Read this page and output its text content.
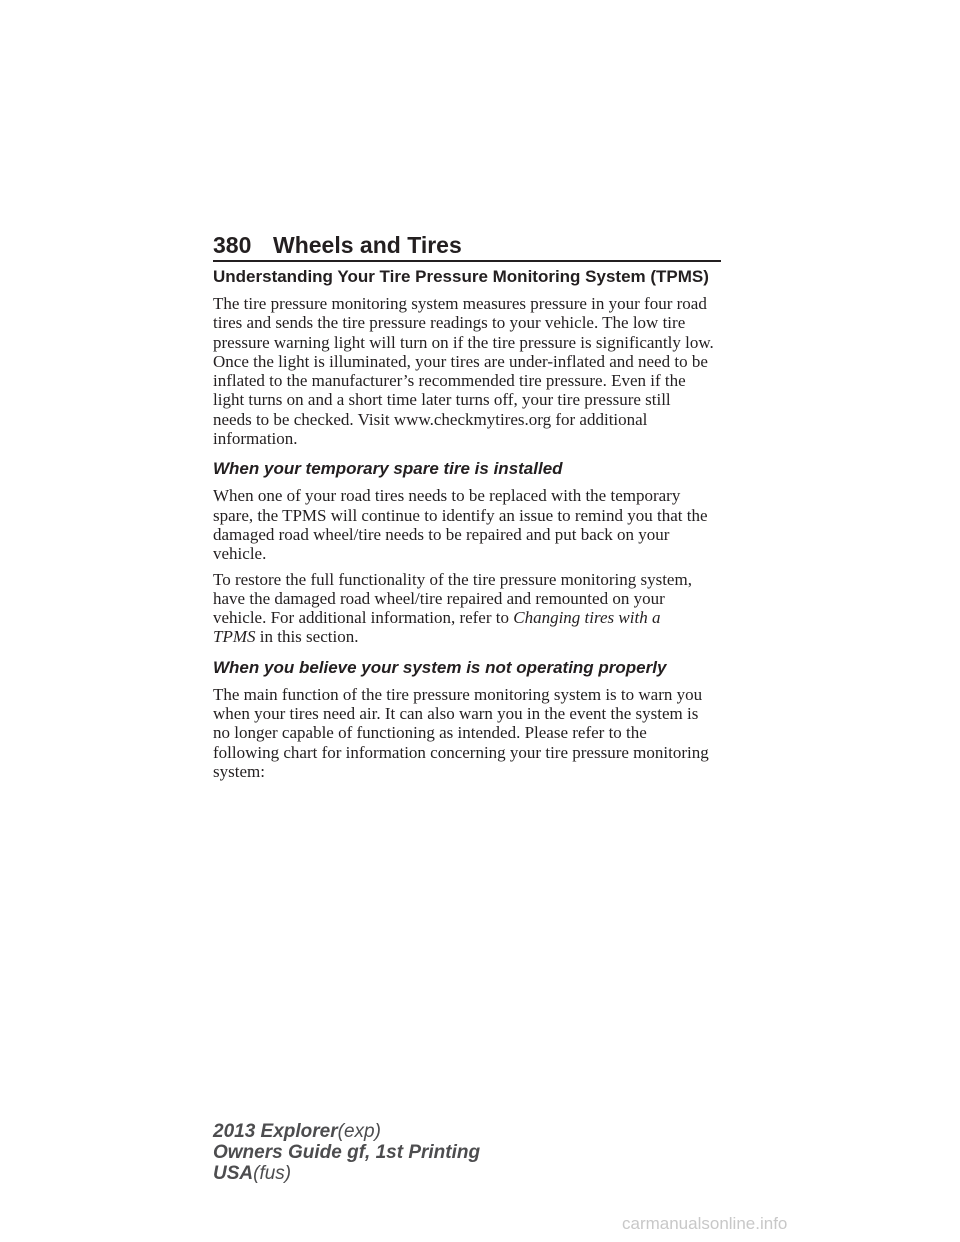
380 Wheels and Tires
Understanding Your Tire Pressure Monitoring System (TPMS)

The tire pressure monitoring system measures pressure in your four road
tires and sends the tire pressure readings to your vehicle. The low tire
pressure warning light will turn on if the tire pressure is significantly low.
Once the light is illuminated, your tires are under-inflated and need to be
inflated to the manufacturer’s recommended tire pressure. Even if the
light turns on and a short time later turns off, your tire pressure still
needs to be checked. Visit www.checkmytires.org for additional
information.

When your temporary spare tire is installed

When one of your road tires needs to be replaced with the temporary
spare, the TPMS will continue to identify an issue to remind you that the
damaged road wheel/tire needs to be repaired and put back on your
vehicle.

To restore the full functionality of the tire pressure monitoring system,
have the damaged road wheel/tire repaired and remounted on your
vehicle. For additional information, refer to Changing tires with a
TPMS in this section.

When you believe your system is not operating properly

The main function of the tire pressure monitoring system is to warn you
when your tires need air. It can also warn you in the event the system is
no longer capable of functioning as intended. Please refer to the
following chart for information concerning your tire pressure monitoring
system:

2013 Explorer(exp)
Owners Guide gf, 1st Printing
USA(fus)
carmanualsonline.info
